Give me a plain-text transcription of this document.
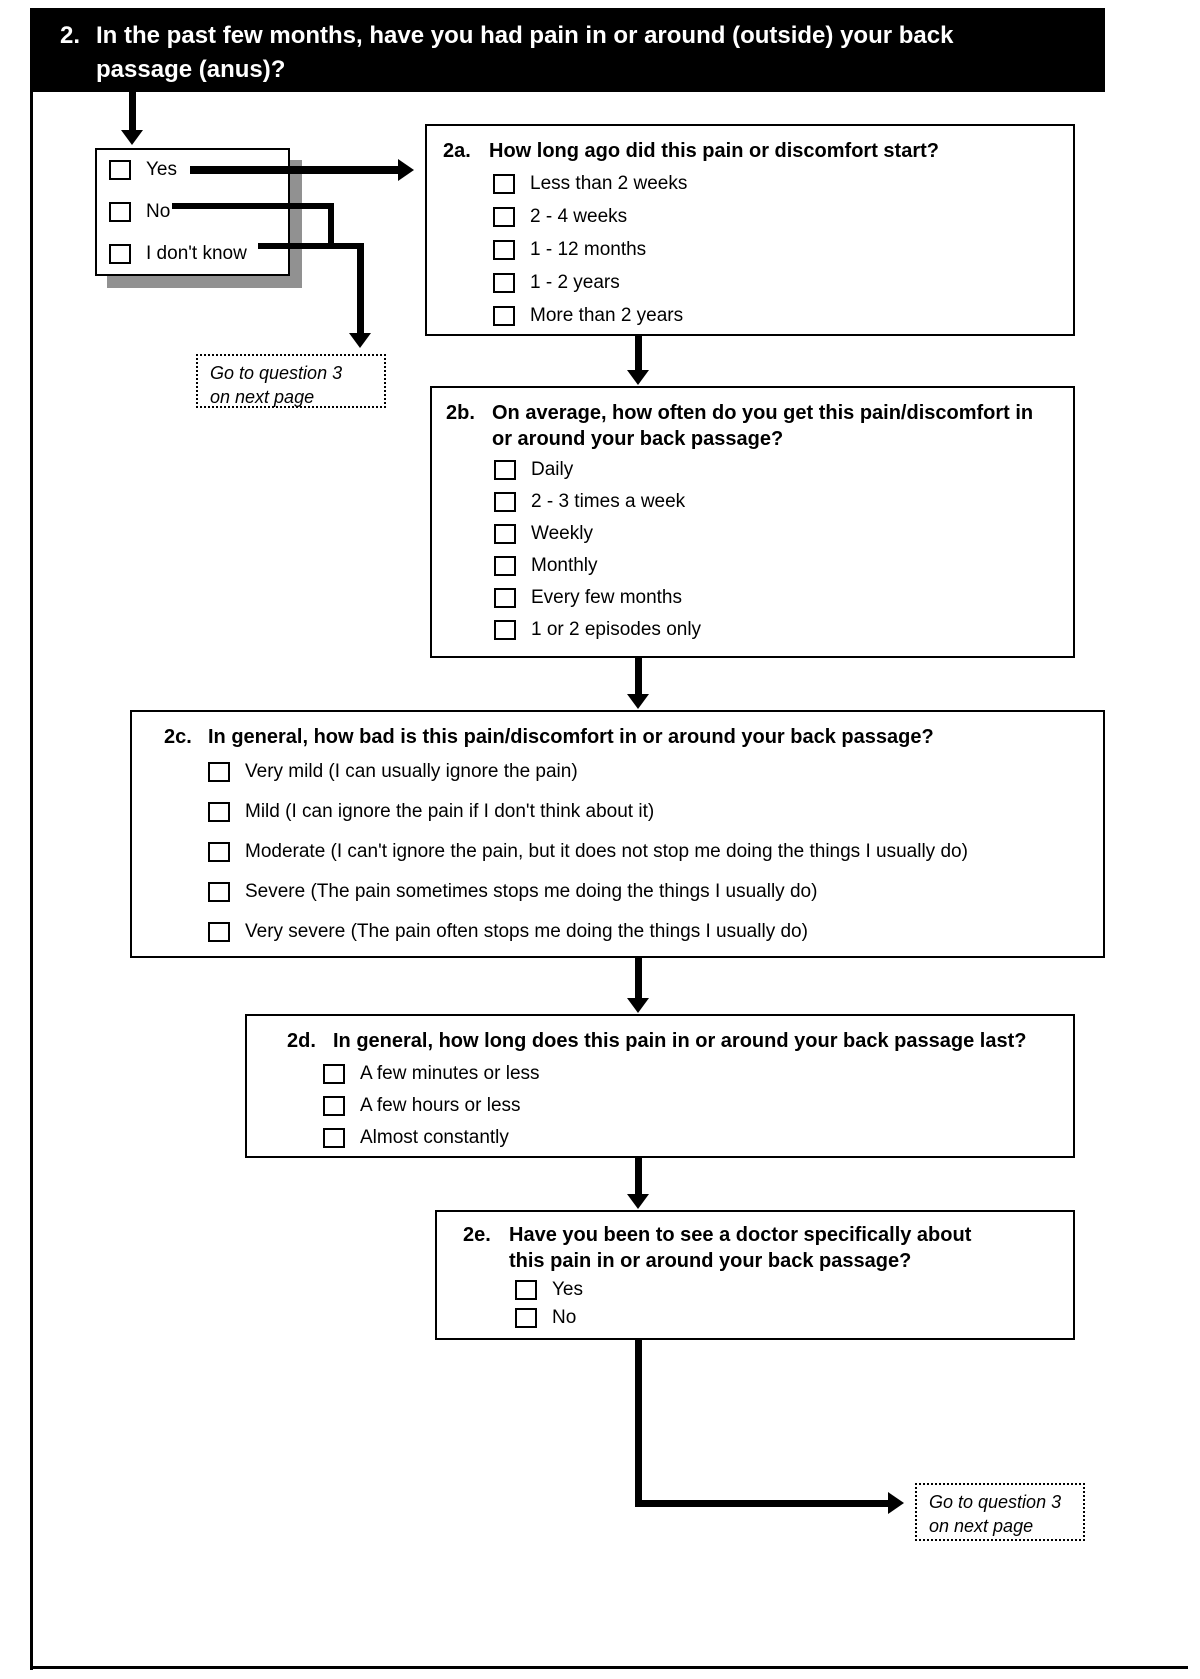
2. In the past few months, have you had pain in or around (outside) your back passage (anus)?
Yes
No
I don't know
Go to question 3
on next page
2a. How long ago did this pain or discomfort start?
Less than 2 weeks
2 - 4 weeks
1 - 12 months
1 - 2 years
More than 2 years
2b. On average, how often do you get this pain/discomfort in or around your back passage?
Daily
2 - 3 times a week
Weekly
Monthly
Every few months
1 or 2 episodes only
2c. In general, how bad is this pain/discomfort in or around your back passage?
Very mild (I can usually ignore the pain)
Mild (I can ignore the pain if I don't think about it)
Moderate (I can't ignore the pain, but it does not stop me doing the things I usually do)
Severe (The pain sometimes stops me doing the things I usually do)
Very severe (The pain often stops me doing the things I usually do)
2d. In general, how long does this pain in or around your back passage last?
A few minutes or less
A few hours or less
Almost constantly
2e. Have you been to see a doctor specifically about this pain in or around your back passage?
Yes
No
Go to question 3
on next page
